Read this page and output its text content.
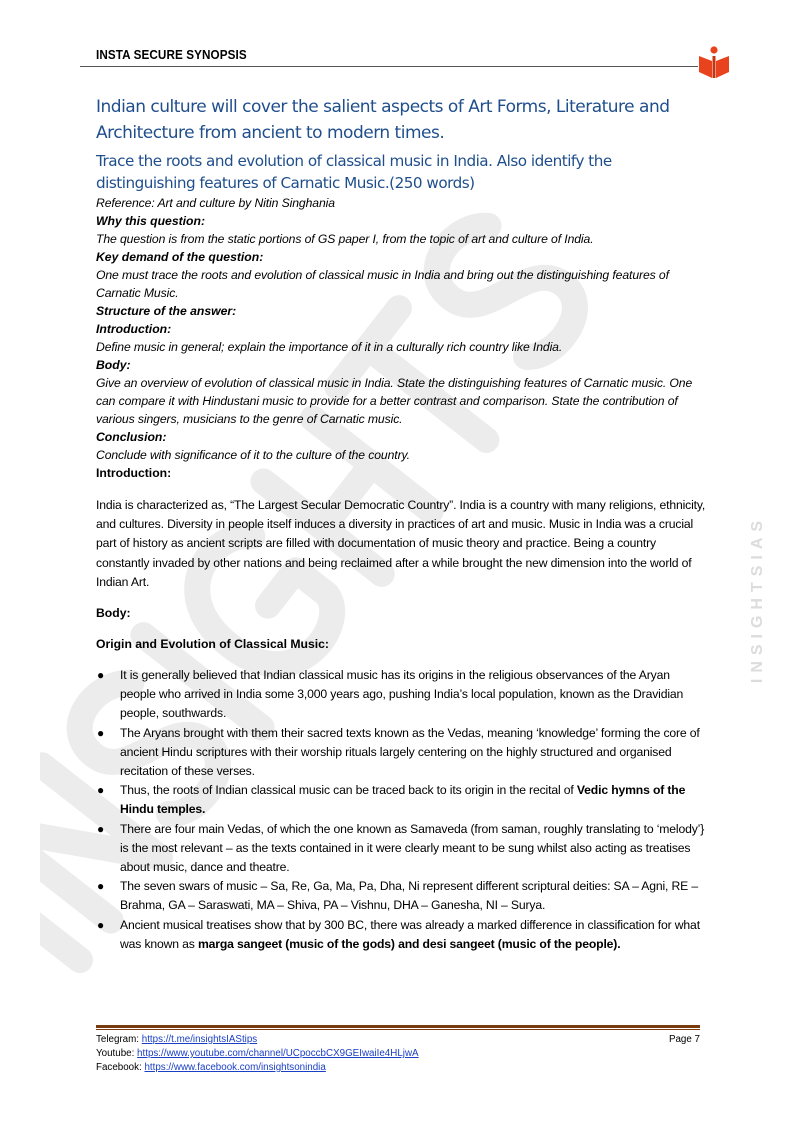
INSIGHTSIAS
INSTA SECURE SYNOPSIS

Indian culture will cover the salient aspects of Art Forms, Literature and Architecture from ancient to modern times.

Trace the roots and evolution of classical music in India. Also identify the distinguishing features of Carnatic Music.(250 words)

Reference: Art and culture by Nitin Singhania

Why this question:

The question is from the static portions of GS paper I, from the topic of art and culture of India.

Key demand of the question:

One must trace the roots and evolution of classical music in India and bring out the distinguishing features of Carnatic Music.

Structure of the answer:

Introduction:

Define music in general; explain the importance of it in a culturally rich country like India.

Body:

Give an overview of evolution of classical music in India. State the distinguishing features of Carnatic music. One can compare it with Hindustani music to provide for a better contrast and comparison. State the contribution of various singers, musicians to the genre of Carnatic music.

Conclusion:

Conclude with significance of it to the culture of the country.

Introduction:

India is characterized as, “The Largest Secular Democratic Country”. India is a country with many religions, ethnicity, and cultures. Diversity in people itself induces a diversity in practices of art and music. Music in India was a crucial part of history as ancient scripts are filled with documentation of music theory and practice. Being a country constantly invaded by other nations and being reclaimed after a while brought the new dimension into the world of Indian Art.

Body:

Origin and Evolution of Classical Music:

● It is generally believed that Indian classical music has its origins in the religious observances of the Aryan people who arrived in India some 3,000 years ago, pushing India’s local population, known as the Dravidian people, southwards.
● The Aryans brought with them their sacred texts known as the Vedas, meaning ‘knowledge’ forming the core of ancient Hindu scriptures with their worship rituals largely centering on the highly structured and organised recitation of these verses.
● Thus, the roots of Indian classical music can be traced back to its origin in the recital of Vedic hymns of the Hindu temples.
● There are four main Vedas, of which the one known as Samaveda (from saman, roughly translating to ‘melody’} is the most relevant – as the texts contained in it were clearly meant to be sung whilst also acting as treatises about music, dance and theatre.
● The seven swars of music – Sa, Re, Ga, Ma, Pa, Dha, Ni represent different scriptural deities: SA – Agni, RE – Brahma, GA – Saraswati, MA – Shiva, PA – Vishnu, DHA – Ganesha, NI – Surya.
● Ancient musical treatises show that by 300 BC, there was already a marked difference in classification for what was known as marga sangeet (music of the gods) and desi sangeet (music of the people).
Telegram: https://t.me/insightsIAStips
Youtube: https://www.youtube.com/channel/UCpoccbCX9GEIwaiIe4HLjwA
Facebook: https://www.facebook.com/insightsonindia
Page 7
